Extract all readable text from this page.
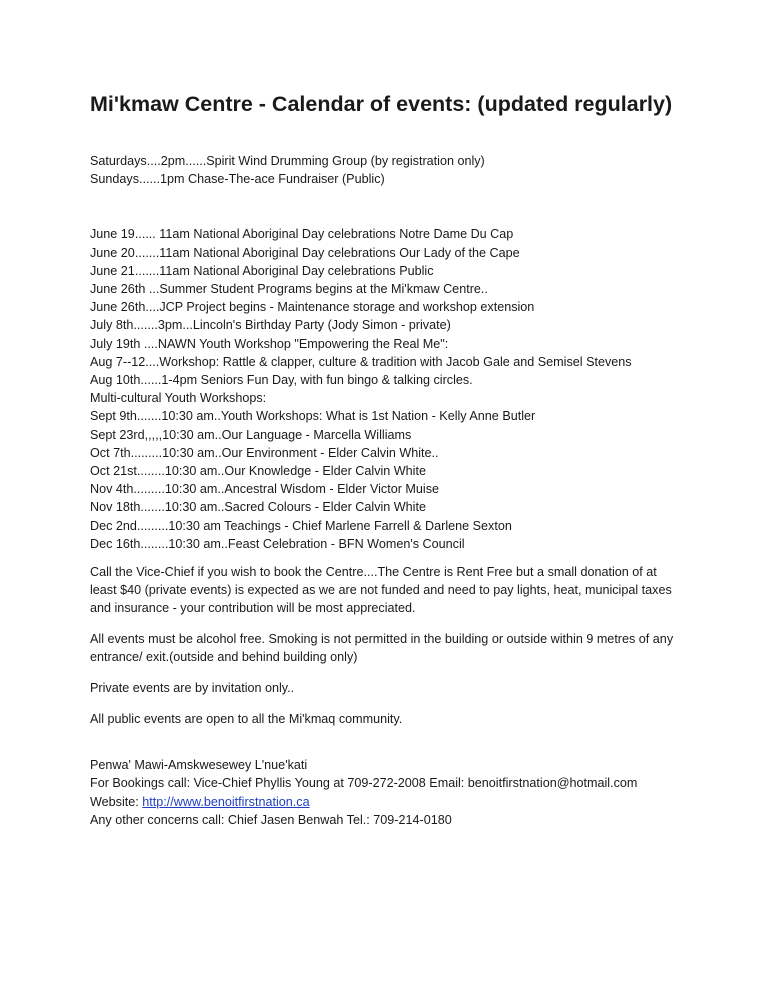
Mi'kmaw Centre - Calendar of events: (updated regularly)
Saturdays....2pm......Spirit Wind Drumming Group (by registration only)
Sundays......1pm Chase-The-ace Fundraiser (Public)
June 19...... 11am National Aboriginal Day celebrations Notre Dame Du Cap
June 20.......11am National Aboriginal Day celebrations Our Lady of the Cape
June 21.......11am National Aboriginal Day celebrations Public
June 26th ...Summer Student Programs begins at the Mi'kmaw Centre..
June 26th....JCP Project begins - Maintenance storage and workshop extension
July 8th.......3pm...Lincoln's Birthday Party (Jody Simon - private)
July 19th ....NAWN Youth Workshop "Empowering the Real Me":
Aug 7--12....Workshop: Rattle & clapper, culture & tradition with Jacob Gale and Semisel Stevens
Aug 10th......1-4pm Seniors Fun Day, with fun bingo & talking circles.
Multi-cultural Youth Workshops:
Sept 9th.......10:30 am..Youth Workshops: What is 1st Nation - Kelly Anne Butler
Sept 23rd,,,,,10:30 am..Our Language - Marcella Williams
Oct 7th.........10:30 am..Our Environment - Elder Calvin White..
Oct 21st........10:30 am..Our Knowledge - Elder Calvin White
Nov 4th.........10:30 am..Ancestral Wisdom - Elder Victor Muise
Nov 18th.......10:30 am..Sacred Colours - Elder Calvin White
Dec 2nd.........10:30 am Teachings - Chief Marlene Farrell & Darlene Sexton
Dec 16th........10:30 am..Feast Celebration - BFN Women's Council

Call the Vice-Chief if you wish to book the Centre....The Centre is Rent Free but a small donation of at least $40 (private events) is expected as we are not funded and need to pay lights, heat, municipal taxes and insurance - your contribution will be most appreciated.

All events must be alcohol free. Smoking is not permitted in the building or outside within 9 metres of any entrance/ exit.(outside and behind building only)

Private events are by invitation only..

All public events are open to all the Mi'kmaq community.

Penwa' Mawi-Amskwesewey L'nue'kati
For Bookings call: Vice-Chief Phyllis Young at 709-272-2008 Email: benoitfirstnation@hotmail.com
Website: http://www.benoitfirstnation.ca
Any other concerns call: Chief Jasen Benwah Tel.: 709-214-0180
